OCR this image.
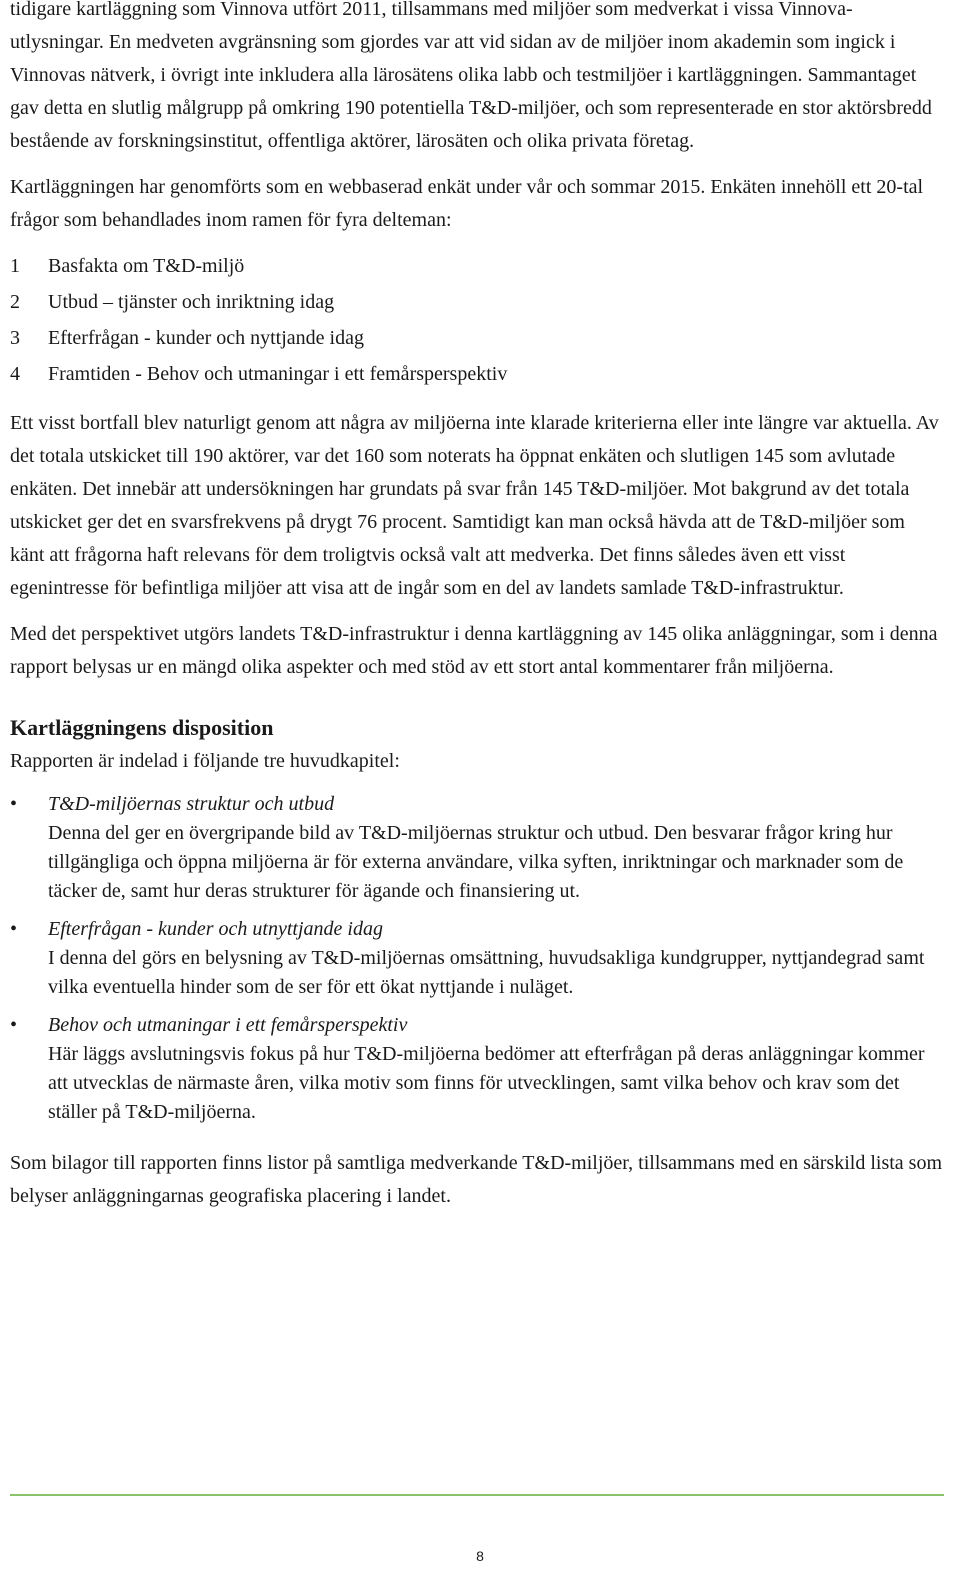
tidigare kartläggning som Vinnova utfört 2011, tillsammans med miljöer som medverkat i vissa Vinnova-utlysningar. En medveten avgränsning som gjordes var att vid sidan av de miljöer inom akademin som ingick i Vinnovas nätverk, i övrigt inte inkludera alla lärosätens olika labb och testmiljöer i kartläggningen. Sammantaget gav detta en slutlig målgrupp på omkring 190 potentiella T&D-miljöer, och som representerade en stor aktörsbredd bestående av forskningsinstitut, offentliga aktörer, lärosäten och olika privata företag.

Kartläggningen har genomförts som en webbaserad enkät under vår och sommar 2015. Enkäten innehöll ett 20-tal frågor som behandlades inom ramen för fyra delteman:

1	Basfakta om T&D-miljö
2	Utbud – tjänster och inriktning idag
3	Efterfrågan - kunder och nyttjande idag
4	Framtiden - Behov och utmaningar i ett femårsperspektiv

Ett visst bortfall blev naturligt genom att några av miljöerna inte klarade kriterierna eller inte längre var aktuella. Av det totala utskicket till 190 aktörer, var det 160 som noterats ha öppnat enkäten och slutligen 145 som avlutade enkäten. Det innebär att undersökningen har grundats på svar från 145 T&D-miljöer. Mot bakgrund av det totala utskicket ger det en svarsfrekvens på drygt 76 procent. Samtidigt kan man också hävda att de T&D-miljöer som känt att frågorna haft relevans för dem troligtvis också valt att medverka. Det finns således även ett visst egenintresse för befintliga miljöer att visa att de ingår som en del av landets samlade T&D-infrastruktur.

Med det perspektivet utgörs landets T&D-infrastruktur i denna kartläggning av 145 olika anläggningar, som i denna rapport belysas ur en mängd olika aspekter och med stöd av ett stort antal kommentarer från miljöerna.

Kartläggningens disposition

Rapporten är indelad i följande tre huvudkapitel:

• T&D-miljöernas struktur och utbud
Denna del ger en övergripande bild av T&D-miljöernas struktur och utbud. Den besvarar frågor kring hur tillgängliga och öppna miljöerna är för externa användare, vilka syften, inriktningar och marknader som de täcker de, samt hur deras strukturer för ägande och finansiering ut.
• Efterfrågan - kunder och utnyttjande idag
I denna del görs en belysning av T&D-miljöernas omsättning, huvudsakliga kundgrupper, nyttjandegrad samt vilka eventuella hinder som de ser för ett ökat nyttjande i nuläget.
• Behov och utmaningar i ett femårsperspektiv
Här läggs avslutningsvis fokus på hur T&D-miljöerna bedömer att efterfrågan på deras anläggningar kommer att utvecklas de närmaste åren, vilka motiv som finns för utvecklingen, samt vilka behov och krav som det ställer på T&D-miljöerna.

Som bilagor till rapporten finns listor på samtliga medverkande T&D-miljöer, tillsammans med en särskild lista som belyser anläggningarnas geografiska placering i landet.

8
